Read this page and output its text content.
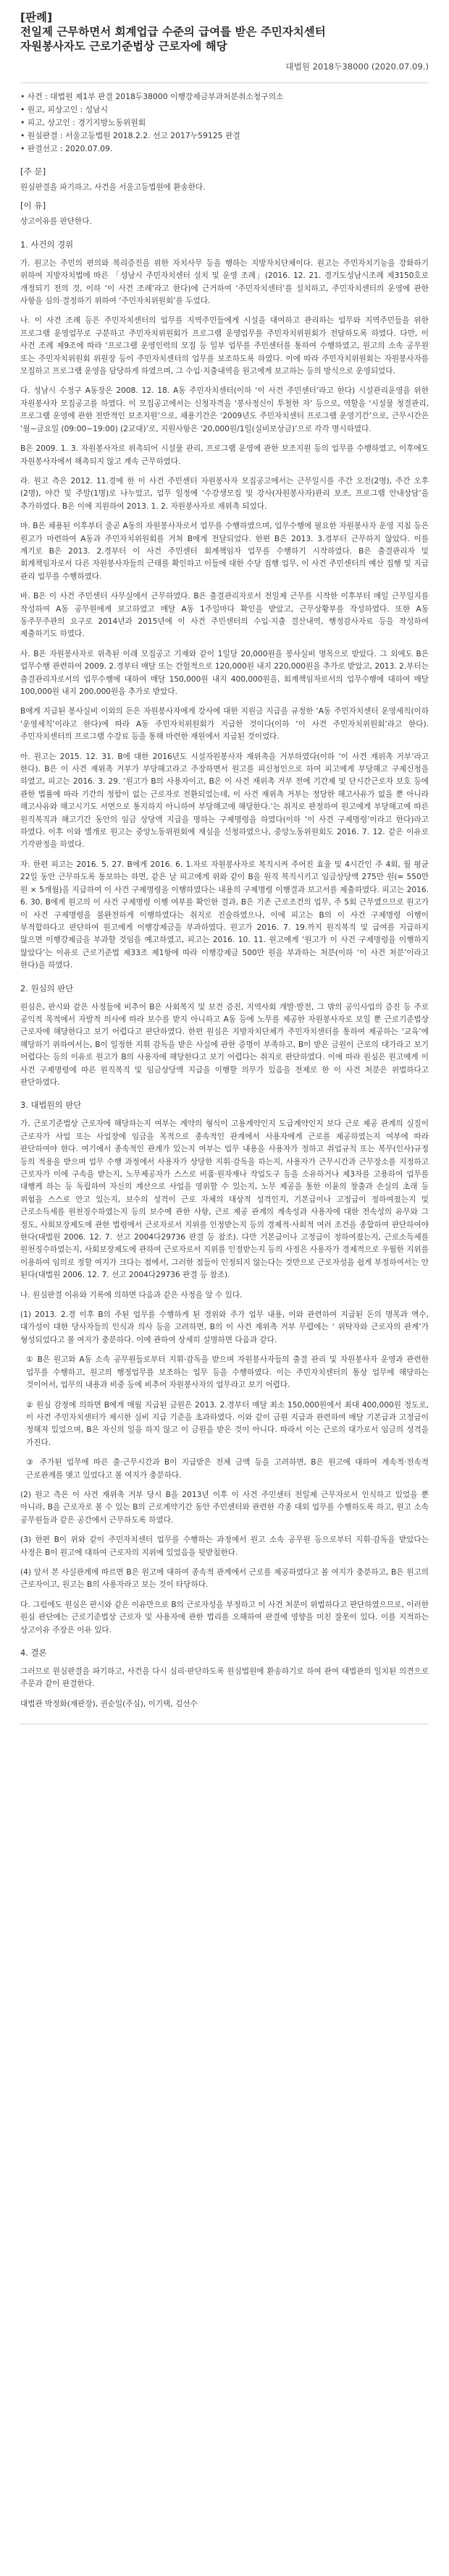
[판례]
전일제 근무하면서 회계업급 수준의 급여를 받은 주민자치센터
자원봉사자도 근로기준법상 근로자에 해당
대법원 2018두38000 (2020.07.09.)
• 사건 : 대법원 제1부 판결 2018두38000 이행강제금부과처분취소청구의소
• 원고, 피상고인 : 성남시
• 피고, 상고인 : 경기지방노동위원회
• 원심판결 : 서울고등법원 2018.2.2. 선고 2017누59125 판결
• 판결선고 : 2020.07.09.
[주 문]

원심판결을 파기하고, 사건을 서울고등법원에 환송한다.

[이 유]

상고이유를 판단한다.

1. 사건의 경위

가. 원고는 주민의 편의와 복리증진을 위한 자치사무 등을 행하는 지방자치단체이다. 원고는 주민자치기능을 강화하기 위하여 지방자치법에 따른 「성남시 주민자치센터 설치 및 운영 조례」(2016. 12. 21. 경기도성남시조례 제3150호로 개정되기 전의 것, 이하 ‘이 사건 조례’라고 한다)에 근거하여 ‘주민자치센터’를 설치하고, 주민자치센터의 운영에 관한 사항을 심의·결정하기 위하여 ‘주민자치위원회’를 두었다.

나. 이 사건 조례 등은 주민자치센터의 업무를 지역주민들에게 시설을 대여하고 관리하는 업무와 지역주민들을 위한 프로그램 운영업무로 구분하고 주민자치위원회가 프로그램 운영업무를 주민자치위원회가 전담하도록 하였다. 다만, 이 사건 조례 제9조에 따라 ‘프로그램 운영인력의 모집 등 일부 업무를 주민센터를 통하여 수행하였고, 원고의 소속 공무원 또는 주민자치위원회 위원장 등이 주민자치센터의 업무를 보조하도록 하였다. 이에 따라 주민자치위원회는 자원봉사자를 모집하고 프로그램 운영을 담당하게 하였으며, 그 수입·지출내역을 원고에게 보고하는 등의 방식으로 운영되었다.

다. 성남시 수정구 A동장은 2008. 12. 18. A동 주민자치센터(이하 ‘이 사건 주민센터’라고 한다) 시설관리운영을 위한 자원봉사자 모집공고를 하였다. 이 모집공고에서는 신청자격을 ‘봉사정신이 투철한 자’ 등으로, 역할을 ‘시설물 청결관리, 프로그램 운영에 관한 전반적인 보조지원’으로, 채용기간은 ‘2009년도 주민자치센터 프로그램 운영기간’으로, 근무시간은 ‘월~금요일 (09:00~19:00) (2교대)’로, 지원사항은 ‘20,000원/1일(실비보상금)’으로 각각 명시하였다.

B은 2009. 1. 3. 자원봉사자로 위촉되어 시설물 관리, 프로그램 운영에 관한 보조지원 등의 업무를 수행하였고, 이후에도 자원봉사자에서 해촉되지 않고 계속 근무하였다.

라. 원고 측은 2012. 11.경에 한 이 사건 주민센터 자원봉사자 모집공고에서는 근무일시를 주간 오전(2명), 주간 오후(2명), 야간 및 주말(1명)로 나누었고, 업무 일정에 ‘수강생모집 및 강사(자원봉사자)관리 보조, 프로그램 안내상담’을 추가하였다. B은 이에 지원하여 2013. 1. 2. 자원봉사자로 재위촉 되었다.

마. B은 채용된 이후부터 줄곧 A동의 자원봉사자로서 업무를 수행하였으며, 업무수행에 필요한 자원봉사자 운영 지침 등은 원고가 마련하여 A동과 주민자치위원회를 거쳐 B에게 전달되었다. 한편 B은 2013. 3.경부터 근무하지 않았다. 이를 계기로 B은 2013. 2.경부터 이 사건 주민센터 회계책임자 업무를 수행하기 시작하였다. B은 출결관리자 및 회계책임자로서 다른 자원봉사자들의 근태를 확인하고 이들에 대한 수당 집행 업무, 이 사건 주민센터의 예산 집행 및 지급 관리 업무를 수행하였다.

바. B은 이 사건 주민센터 사무실에서 근무하였다. B은 출결관리자로서 전일제 근무를 시작한 이후부터 매일 근무일지를 작성하여 A동 공무원에게 보고하였고 매달 A동 1주일마다 확인을 받았고, 근무상황부를 작성하였다. 또한 A동 동주무주관의 요구로 2014년과 2015년에 이 사건 주민센터의 수입·지출 결산내역, 행정감사자료 등을 작성하여 제출하기도 하였다.

사. B은 자원봉사자로 위촉된 이래 모집공고 기재와 같이 1일당 20,000원을 봉사실비 명목으로 받았다. 그 외에도 B은 업무수행 관련하여 2009. 2.경부터 매달 또는 간헐적으로 120,000원 내지 220,000원을 추가로 받았고, 2013. 2.부터는 출결관리자로서의 업무수행에 대하여 매달 150,000원 내지 400,000원을, 회계책임자로서의 업무수행에 대하여 매달 100,000원 내지 200,000원을 추가로 받았다.

B에게 지급된 봉사실비 이외의 돈은 자원봉사자에게 강사에 대한 지원금 지급을 규정한 ‘A동 주민자치센터 운영세칙(이하 ‘운영세칙’이라고 한다)에 따라 A동 주민자치위원회가 지급한 것이다(이하 ‘이 사건 주민자치위원회’라고 한다). 주민자치센터의 프로그램 수강료 등을 통해 마련한 재원에서 지급된 것이었다.

아. 원고는 2015. 12. 31. B에 대한 2016년도 시설자원봉사자 재위촉을 거부하였다(이하 ‘이 사건 재위촉 거부’라고 한다). B은 이 사건 재위촉 거부가 부당해고라고 주장하면서 원고를 피신청인으로 하여 피고에게 부당해고 구제신청을 하였고, 피고는 2016. 3. 29. ‘원고가 B의 사용자이고, B은 이 사건 재위촉 거부 전에 기간제 및 단시간근로자 보호 등에 관한 법률에 따라 기간의 정함이 없는 근로자로 전환되었는데, 이 사건 재위촉 거부는 정당한 해고사유가 없을 뿐 아니라 해고사유와 해고시기도 서면으로 통지하지 아니하여 부당해고에 해당한다.’는 취지로 판정하여 원고에게 부당해고에 따른 원직복직과 해고기간 동안의 임금 상당액 지급을 명하는 구제명령을 하였다(이하 ‘이 사건 구제명령’이라고 한다)라고 하였다. 이후 이와 별개로 원고는 중앙노동위원회에 재심을 신청하였으나, 중앙노동위원회도 2016. 7. 12. 같은 이유로 기각판정을 하였다.

자. 한편 피고는 2016. 5. 27. B에게 2016. 6. 1.자로 자원봉사자로 복직시켜 주어진 효율 및 4시간인 주 4회, 월 평균 22일 동안 근무하도록 통보하는 하면, 같은 날 피고에게 위와 같이 B을 원직 복직시키고 임금상당액 275만 원(= 550만 원 × 5개월)을 지급하여 이 사건 구제명령을 이행하였다는 내용의 구제명령 이행결과 보고서를 제출하였다. 피고는 2016. 6. 30. B에게 원고의 이 사건 구제명령 이행 여부를 확인한 결과, B은 기존 근로조건의 업무, 주 5회 근무였으므로 원고가 이 사건 구제명령을 불완전하게 이행하였다는 취지로 진술하였으나, 이에 피고는 B의 이 사건 구제명령 이행이 부적합하다고 판단하여 원고에게 이행강제금을 부과하였다. 원고가 2016. 7. 19.까지 원직복직 및 급여를 지급하지 않으면 이행강제금을 부과할 것임을 예고하였고, 피고는 2016. 10. 11. 원고에게 ‘원고가 이 사건 구제명령을 이행하지 않았다’는 이유로 근로기준법 제33조 제1항에 따라 이행강제금 500만 원을 부과하는 처분(이하 ‘이 사건 처분’이라고 한다)을 하였다.

2. 원심의 판단

원심은, 판시와 같은 사정들에 비추어 B은 사회복지 및 보건 증진, 지역사회 개발·발전, 그 밖의 공익사업의 증진 등 주로 공익적 목적에서 자발적 의사에 따라 보수를 받지 아니하고 A동 등에 노무를 제공한 자원봉사자로 보일 뿐 근로기준법상 근로자에 해당한다고 보기 어렵다고 판단하였다. 한편 원심은 지방자치단체가 주민자치센터를 통하여 제공하는 ‘교육’에 해당하기 위하여서는, B이 일정한 지휘 감독을 받은 사실에 관한 증명이 부족하고, B이 받은 금원이 근로의 대가라고 보기 어렵다는 등의 이유로 원고가 B의 사용자에 해당한다고 보기 어렵다는 취지로 판단하였다. 이에 따라 원심은 원고에게 이 사건 구제명령에 따른 원직복직 및 임금상당액 지급을 이행할 의무가 있음을 전제로 한 이 사건 처분은 위법하다고 판단하였다.

3. 대법원의 판단

가. 근로기준법상 근로자에 해당하는지 여부는 계약의 형식이 고용계약인지 도급계약인지 보다 근로 제공 관계의 실질이 근로자가 사업 또는 사업장에 임금을 목적으로 종속적인 관계에서 사용자에게 근로를 제공하였는지 여부에 따라 판단하여야 한다. 여기에서 종속적인 관계가 있는지 여부는 업무 내용을 사용자가 정하고 취업규칙 또는 복무(인사)규정 등의 적용을 받으며 업무 수행 과정에서 사용자가 상당한 지휘·감독을 하는지, 사용자가 근무시간과 근무장소를 지정하고 근로자가 이에 구속을 받는지, 노무제공자가 스스로 비품·원자재나 작업도구 등을 소유하거나 제3자를 고용하여 업무를 대행케 하는 등 독립하여 자신의 계산으로 사업을 영위할 수 있는지, 노무 제공을 통한 이윤의 창출과 손실의 초래 등 위험을 스스로 안고 있는지, 보수의 성격이 근로 자체의 대상적 성격인지, 기본급이나 고정급이 정하여졌는지 및 근로소득세를 원천징수하였는지 등의 보수에 관한 사항, 근로 제공 관계의 계속성과 사용자에 대한 전속성의 유무와 그 정도, 사회보장제도에 관한 법령에서 근로자로서 지위를 인정받는지 등의 경제적·사회적 여러 조건을 종합하여 판단하여야 한다(대법원 2006. 12. 7. 선고 2004다29736 판결 등 참조). 다만 기본급이나 고정급이 정하여졌는지, 근로소득세를 원천징수하였는지, 사회보장제도에 관하여 근로자로서 지위를 인정받는지 등의 사정은 사용자가 경제적으로 우월한 지위를 이용하여 임의로 정할 여지가 크다는 점에서, 그러한 점들이 인정되지 않는다는 것만으로 근로자성을 쉽게 부정하여서는 안 된다(대법원 2006. 12. 7. 선고 2004다29736 판결 등 참조).

나. 원심판결 이유와 기록에 의하면 다음과 같은 사정을 알 수 있다.

(1) 2013. 2.경 이후 B의 주된 업무를 수행하게 된 경위와 주가 업무 내용, 이와 관련하여 지급된 돈의 명목과 액수, 대가성이 대한 당사자들의 인식과 의사 등을 고려하면, B의 이 사건 재위촉 거부 무렵에는 ‘ 위탁자와 근로자의 관계’가 형성되었다고 볼 여지가 충분하다. 이에 관하여 상세히 설명하면 다음과 같다.

① B은 원고와 A동 소속 공무원들로부터 지휘·감독을 받으며 자원봉사자들의 출결 관리 및 자원봉사자 운영과 관련한 업무를 수행하고, 원고의 행정업무를 보조하는 업무 등을 수행하였다. 이는 주민자치센터의 통상 업무에 해당하는 것이어서, 업무의 내용과 비중 등에 비추어 자원봉사자의 업무라고 보기 어렵다.

② 원심 감정에 의하면 B에게 매월 지급된 금원은 2013. 2.경부터 매달 최소 150,000원에서 최대 400,000원 정도로, 이 사건 주민자치센터가 제시한 실비 지급 기준을 초과하였다. 이와 같이 금원 지급과 관련하여 매달 기본급과 고정급이 정해져 있었으며, B은 자신의 일을 하지 않고 이 금원을 받은 것이 아니다. 따라서 이는 근로의 대가로서 임금의 성격을 가진다.

③ 주가된 업무에 따른 출·근무시간과 B이 지급받은 전체 금액 등을 고려하면, B은 원고에 대하여 계속적·전속적 근로관계를 맺고 있었다고 볼 여지가 충분하다.

(2) 원고 측은 이 사건 재위촉 거부 당시 B을 2013년 이후 이 사건 주민센터 전일제 근무자로서 인식하고 있었을 뿐 아니라, B을 근로자로 볼 수 있는 B의 근로계약기간 동안 주민센터와 관련한 각종 대외 업무를 수행하도록 하고, 원고 소속 공무원들과 같은 공간에서 근무하도록 하였다.

(3) 한편 B이 위와 같이 주민자치센터 업무를 수행하는 과정에서 원고 소속 공무원 등으로부터 지휘·감독을 받았다는 사정은 B이 원고에 대하여 근로자의 지위에 있었음을 뒷받침한다.

(4) 앞서 본 사실관계에 따르면 B은 원고에 대하여 종속적 관계에서 근로를 제공하였다고 볼 여지가 충분하고, B은 원고의 근로자이고, 원고는 B의 사용자라고 보는 것이 타당하다.

다. 그럼에도 원심은 판시와 같은 이유만으로 B의 근로자성을 부정하고 이 사건 처분이 위법하다고 판단하였으므로, 이러한 원심 판단에는 근로기준법상 근로자 및 사용자에 관한 법리를 오해하여 판결에 영향을 미친 잘못이 있다. 이를 지적하는 상고이유 주장은 이유 있다.

4. 결론

그러므로 원심판결을 파기하고, 사건을 다시 심리·판단하도록 원심법원에 환송하기로 하여 관여 대법관의 일치된 의견으로 주문과 같이 판결한다.

대법관 박정화(재판장), 권순일(주심), 이기택, 김선수
